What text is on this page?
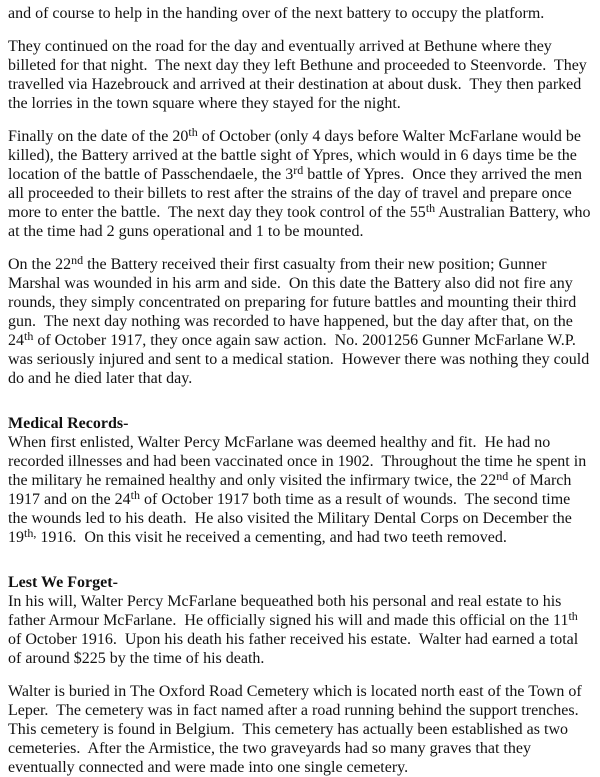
and of course to help in the handing over of the next battery to occupy the platform.

They continued on the road for the day and eventually arrived at Bethune where they billeted for that night.  The next day they left Bethune and proceeded to Steenvorde.  They travelled via Hazebrouck and arrived at their destination at about dusk.  They then parked the lorries in the town square where they stayed for the night.

Finally on the date of the 20th of October (only 4 days before Walter McFarlane would be killed), the Battery arrived at the battle sight of Ypres, which would in 6 days time be the location of the battle of Passchendaele, the 3rd battle of Ypres.  Once they arrived the men all proceeded to their billets to rest after the strains of the day of travel and prepare once more to enter the battle.  The next day they took control of the 55th Australian Battery, who at the time had 2 guns operational and 1 to be mounted.

On the 22nd the Battery received their first casualty from their new position; Gunner Marshal was wounded in his arm and side.  On this date the Battery also did not fire any rounds, they simply concentrated on preparing for future battles and mounting their third gun.  The next day nothing was recorded to have happened, but the day after that, on the 24th of October 1917, they once again saw action.  No. 2001256 Gunner McFarlane W.P. was seriously injured and sent to a medical station.  However there was nothing they could do and he died later that day.

Medical Records-

When first enlisted, Walter Percy McFarlane was deemed healthy and fit.  He had no recorded illnesses and had been vaccinated once in 1902.  Throughout the time he spent in the military he remained healthy and only visited the infirmary twice, the 22nd of March 1917 and on the 24th of October 1917 both time as a result of wounds.  The second time the wounds led to his death.  He also visited the Military Dental Corps on December the $19^{th,}$ 1916.  On this visit he received a cementing, and had two teeth removed.

Lest We Forget-

In his will, Walter Percy McFarlane bequeathed both his personal and real estate to his father Armour McFarlane.  He officially signed his will and made this official on the 11th of October 1916.  Upon his death his father received his estate.  Walter had earned a total of around $225 by the time of his death.

Walter is buried in The Oxford Road Cemetery which is located north east of the Town of Leper.  The cemetery was in fact named after a road running behind the support trenches.  This cemetery is found in Belgium.  This cemetery has actually been established as two cemeteries.  After the Armistice, the two graveyards had so many graves that they eventually connected and were made into one single cemetery.
